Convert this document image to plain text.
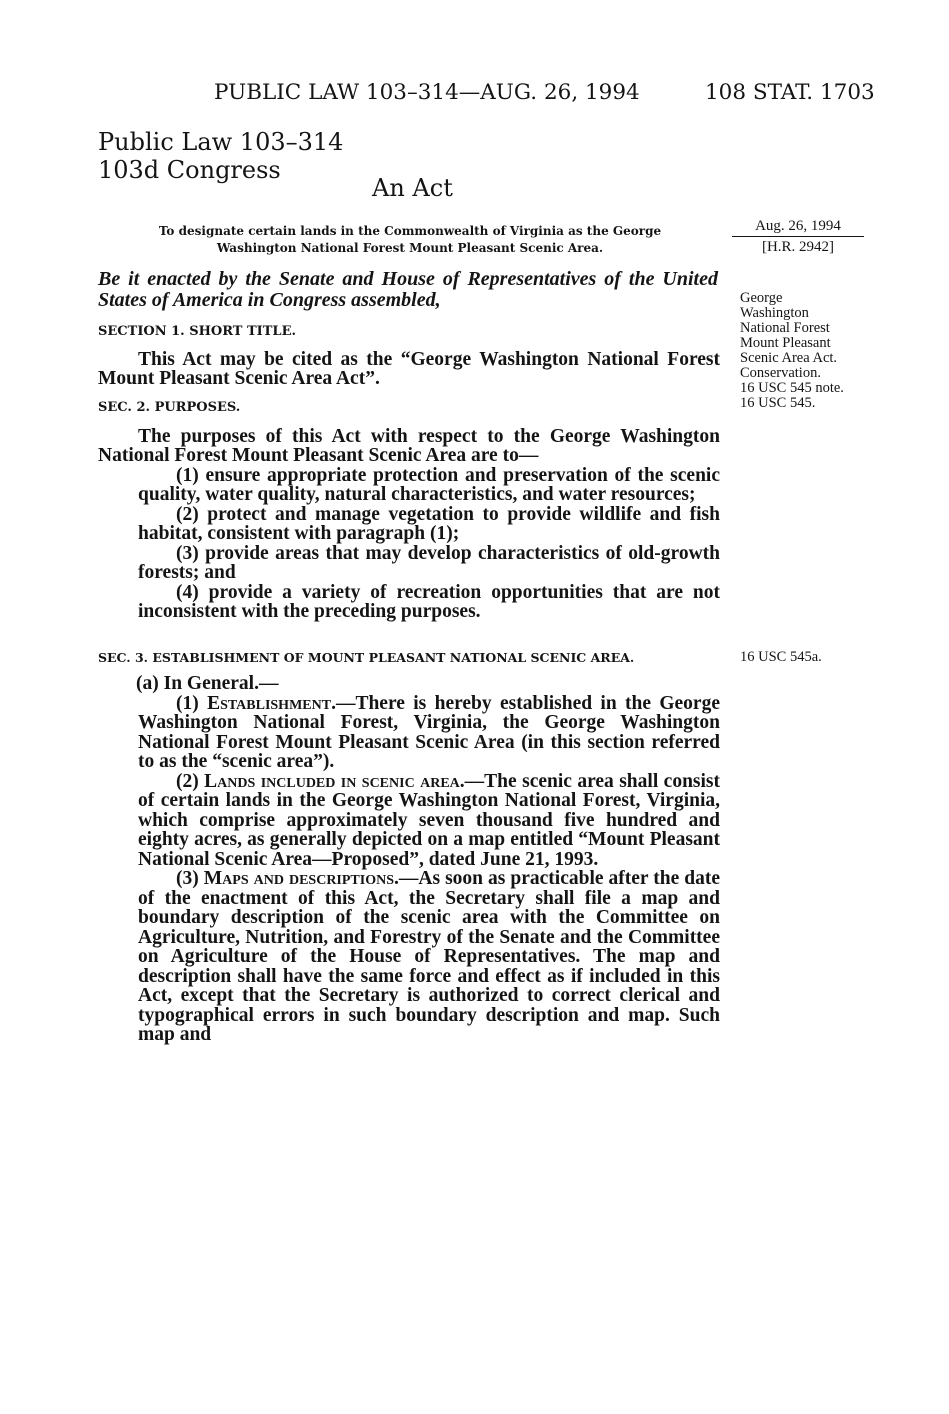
PUBLIC LAW 103–314—AUG. 26, 1994	108 STAT. 1703
Public Law 103–314
103d Congress
An Act
To designate certain lands in the Commonwealth of Virginia as the George
Washington National Forest Mount Pleasant Scenic Area.
Aug. 26, 1994
[H.R. 2942]
Be it enacted by the Senate and House of Representatives of the United States of America in Congress assembled,	George
Washington
National Forest
Mount Pleasant
Scenic Area Act.
Conservation.
16 USC 545 note.
16 USC 545.
16 USC 545a.

SECTION 1. SHORT TITLE.

This Act may be cited as the “George Washington National Forest Mount Pleasant Scenic Area Act”.

SEC. 2. PURPOSES.

The purposes of this Act with respect to the George Washington National Forest Mount Pleasant Scenic Area are to—

(1) ensure appropriate protection and preservation of the scenic quality, water quality, natural characteristics, and water resources;

(2) protect and manage vegetation to provide wildlife and fish habitat, consistent with paragraph (1);

(3) provide areas that may develop characteristics of old-growth forests; and

(4) provide a variety of recreation opportunities that are not inconsistent with the preceding purposes.

SEC. 3. ESTABLISHMENT OF MOUNT PLEASANT NATIONAL SCENIC AREA.

(a) In General.—

(1) Establishment.—There is hereby established in the George Washington National Forest, Virginia, the George Washington National Forest Mount Pleasant Scenic Area (in this section referred to as the “scenic area”).

(2) Lands included in scenic area.—The scenic area shall consist of certain lands in the George Washington National Forest, Virginia, which comprise approximately seven thousand five hundred and eighty acres, as generally depicted on a map entitled “Mount Pleasant National Scenic Area—Proposed”, dated June 21, 1993.

(3) Maps and descriptions.—As soon as practicable after the date of the enactment of this Act, the Secretary shall file a map and boundary description of the scenic area with the Committee on Agriculture, Nutrition, and Forestry of the Senate and the Committee on Agriculture of the House of Representatives. The map and description shall have the same force and effect as if included in this Act, except that the Secretary is authorized to correct clerical and typographical errors in such boundary description and map. Such map and
